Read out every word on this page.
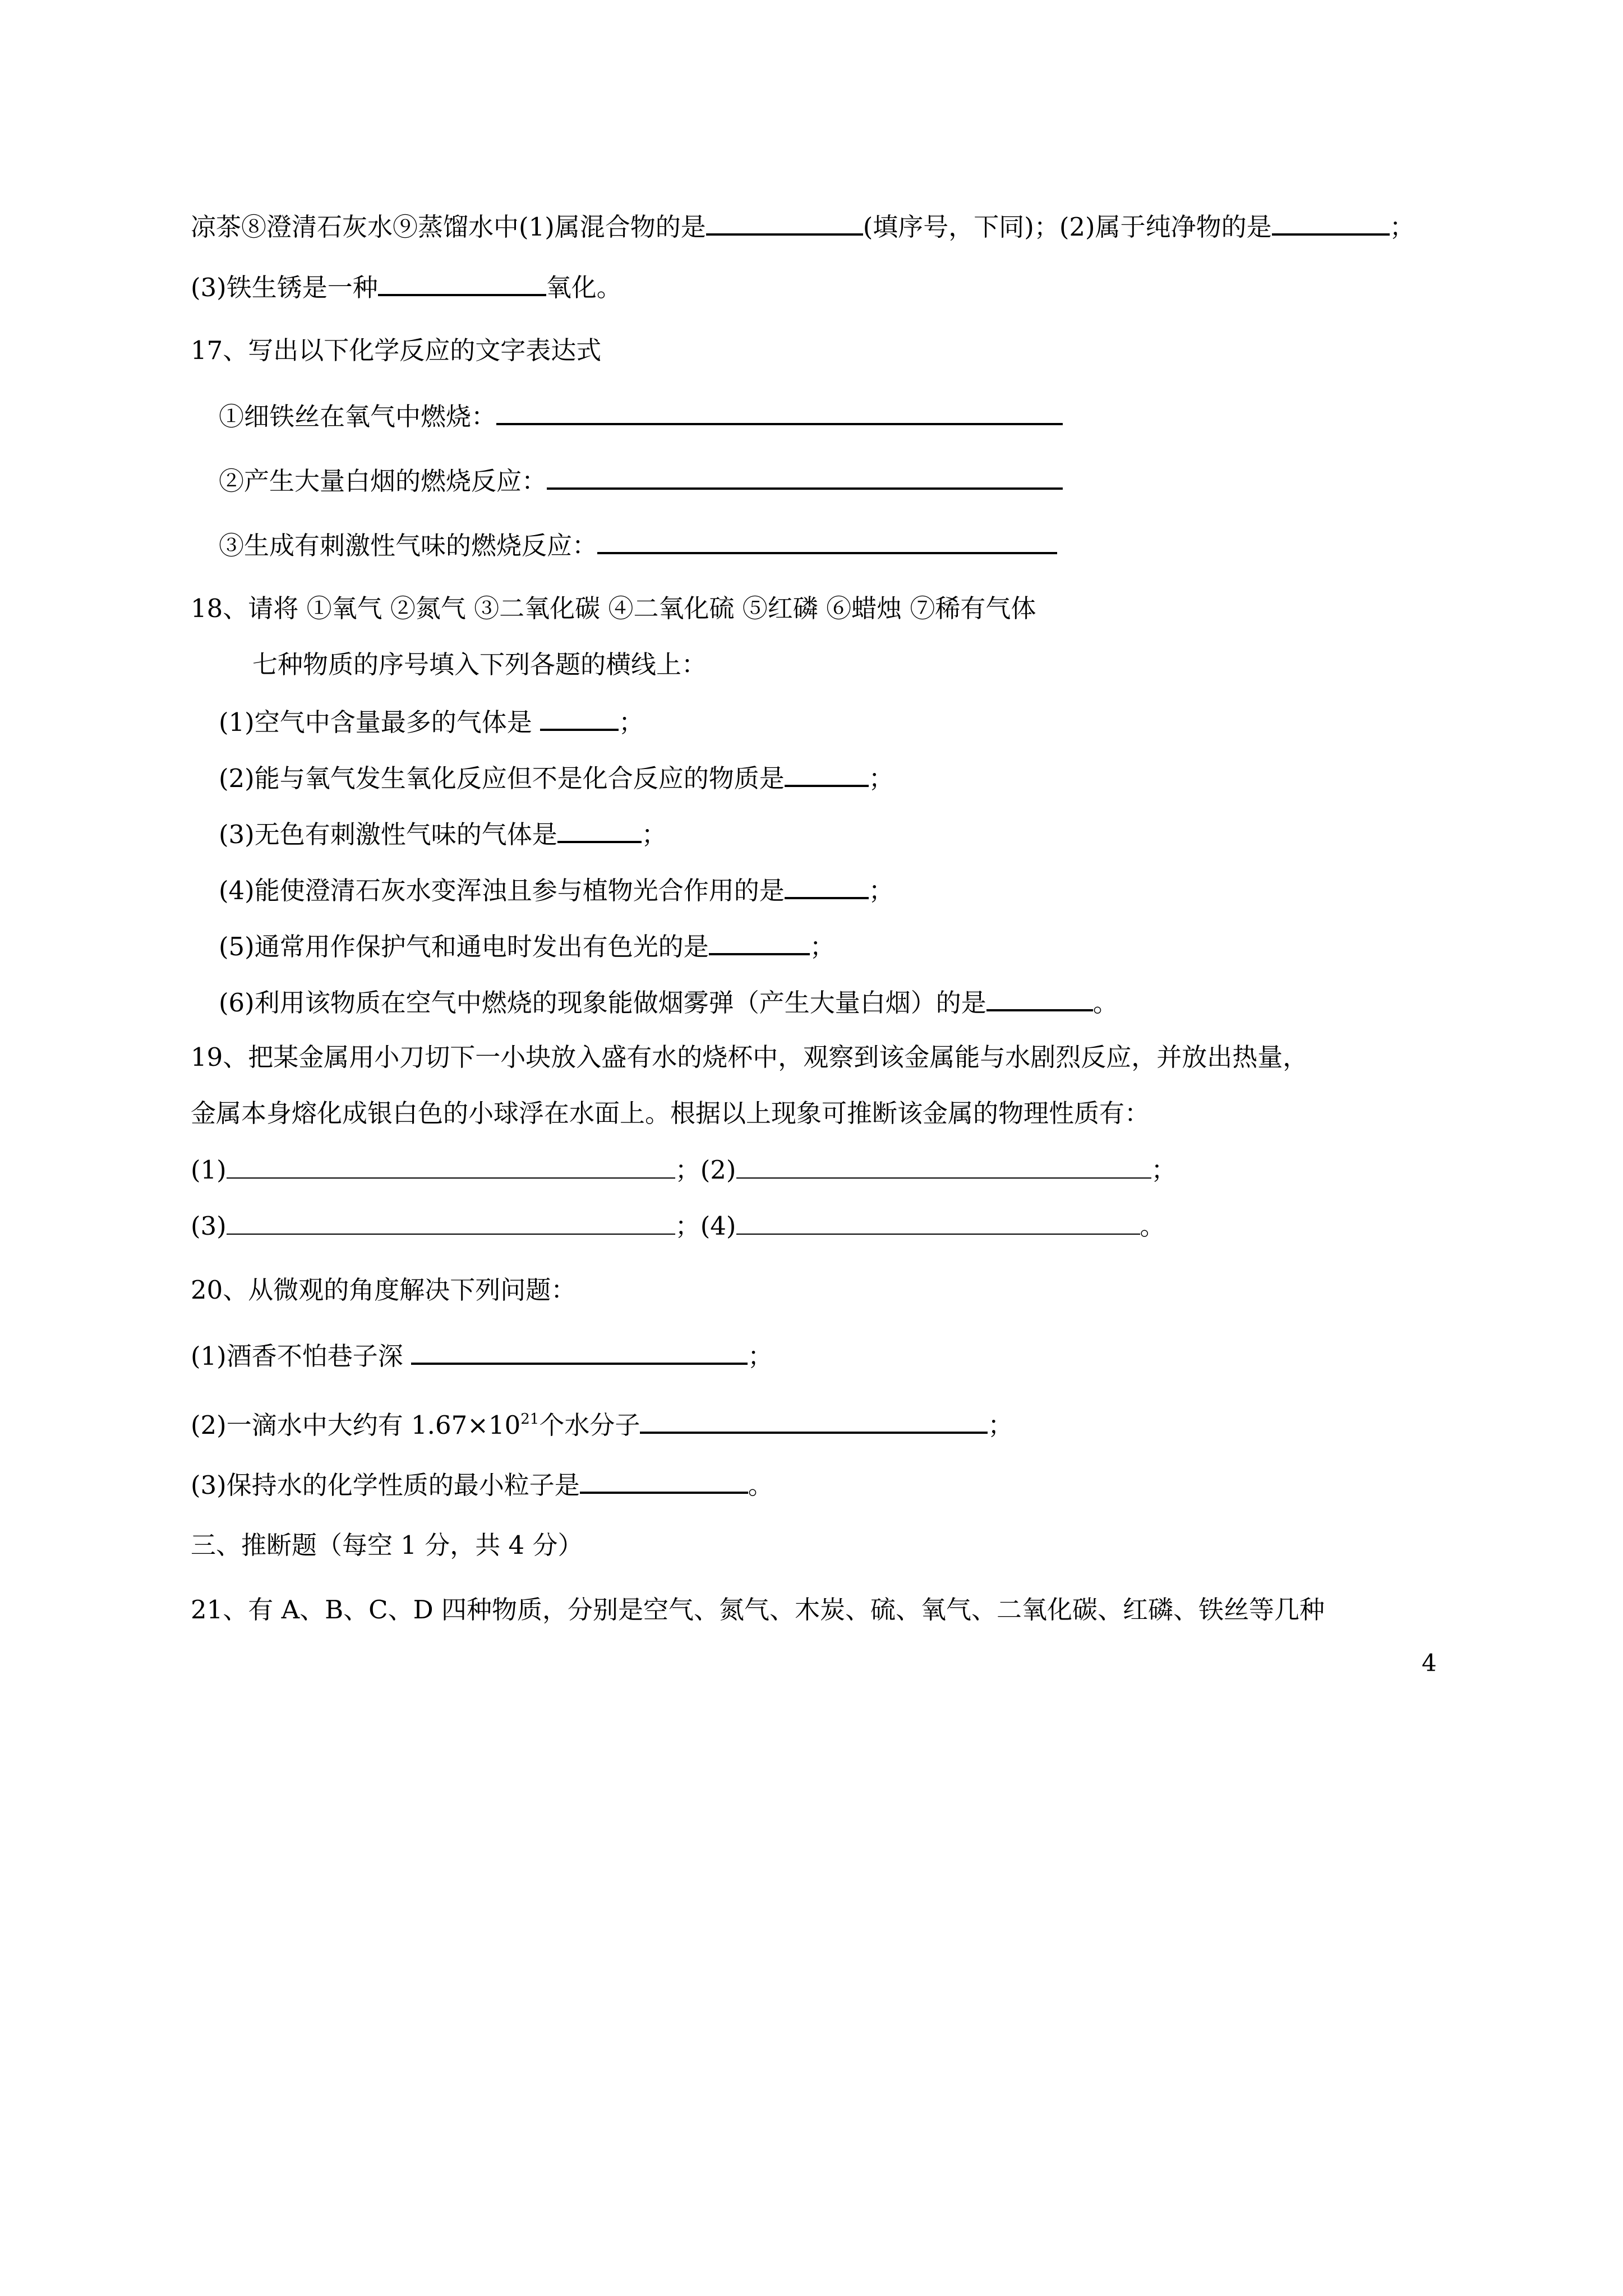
凉茶⑧澄清石灰水⑨蒸馏水中(1)属混合物的是	(填序号，下同)；(2)属于纯净物的是	；
(3)铁生锈是一种	氧化。
17、写出以下化学反应的文字表达式
①细铁丝在氧气中燃烧：
②产生大量白烟的燃烧反应：
③生成有刺激性气味的燃烧反应：
18、请将 ①氧气 ②氮气 ③二氧化碳 ④二氧化硫 ⑤红磷 ⑥蜡烛 ⑦稀有气体
七种物质的序号填入下列各题的横线上：
(1)空气中含量最多的气体是	；
(2)能与氧气发生氧化反应但不是化合反应的物质是	；
(3)无色有刺激性气味的气体是	；
(4)能使澄清石灰水变浑浊且参与植物光合作用的是	；
(5)通常用作保护气和通电时发出有色光的是	；
(6)利用该物质在空气中燃烧的现象能做烟雾弹（产生大量白烟）的是	。
19、把某金属用小刀切下一小块放入盛有水的烧杯中，观察到该金属能与水剧烈反应，并放出热量，
金属本身熔化成银白色的小球浮在水面上。根据以上现象可推断该金属的物理性质有：
(1)	；(2)	；
(3)	；(4)	。
20、从微观的角度解决下列问题：
(1)酒香不怕巷子深	；
(2)一滴水中大约有 $1.67\times 10^{21}$个水分子	；
(3)保持水的化学性质的最小粒子是	。
三、推断题（每空 1 分，共 4 分）
21、有 A、B、C、D 四种物质，分别是空气、氮气、木炭、硫、氧气、二氧化碳、红磷、铁丝等几种
4
